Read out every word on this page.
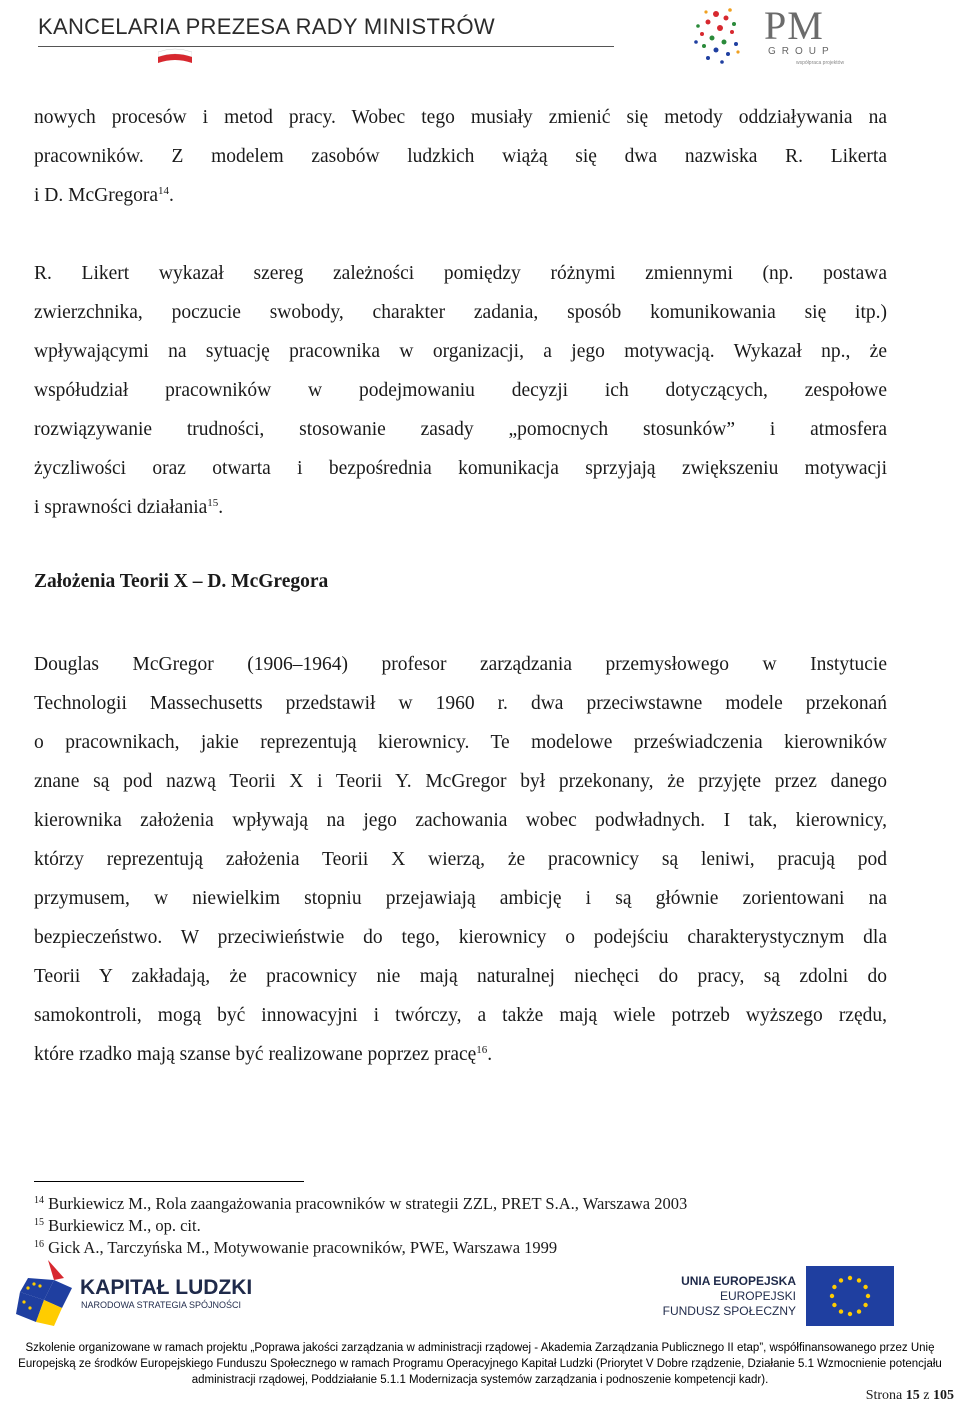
KANCELARIA PREZESA RADY MINISTRÓW	PM
GROUP
współpraca projektów
nowych procesów i metod pracy. Wobec tego musiały zmienić się metody oddziaływania na
pracowników. Z modelem zasobów ludzkich wiążą się dwa nazwiska R. Likerta
i D. McGregora$^{14}$.
R. Likert wykazał szereg zależności pomiędzy różnymi zmiennymi (np. postawa
zwierzchnika, poczucie swobody, charakter zadania, sposób komunikowania się itp.)
wpływającymi na sytuację pracownika w organizacji, a jego motywacją. Wykazał np., że
współudział pracowników w podejmowaniu decyzji ich dotyczących, zespołowe
rozwiązywanie trudności, stosowanie zasady „pomocnych stosunków” i atmosfera
życzliwości oraz otwarta i bezpośrednia komunikacja sprzyjają zwiększeniu motywacji
i sprawności działania$^{15}$.
Założenia Teorii X – D. McGregora
Douglas McGregor (1906–1964) profesor zarządzania przemysłowego w Instytucie
Technologii Massechusetts przedstawił w 1960 r. dwa przeciwstawne modele przekonań
o pracownikach, jakie reprezentują kierownicy. Te modelowe przeświadczenia kierowników
znane są pod nazwą Teorii X i Teorii Y. McGregor był przekonany, że przyjęte przez danego
kierownika założenia wpływają na jego zachowania wobec podwładnych. I tak, kierownicy,
którzy reprezentują założenia Teorii X wierzą, że pracownicy są leniwi, pracują pod
przymusem, w niewielkim stopniu przejawiają ambicję i są głównie zorientowani na
bezpieczeństwo. W przeciwieństwie do tego, kierownicy o podejściu charakterystycznym dla
Teorii Y zakładają, że pracownicy nie mają naturalnej niechęci do pracy, są zdolni do
samokontroli, mogą być innowacyjni i twórczy, a także mają wiele potrzeb wyższego rzędu,
które rzadko mają szanse być realizowane poprzez pracę$^{16}$.
$^{14}$ Burkiewicz M., Rola zaangażowania pracowników w strategii ZZL, PRET S.A., Warszawa 2003
$^{15}$ Burkiewicz M., op. cit.
$^{16}$ Gick A., Tarczyńska M., Motywowanie pracowników, PWE, Warszawa 1999
KAPITAŁ LUDZKI
NARODOWA STRATEGIA SPÓJNOŚCI
UNIA EUROPEJSKA
EUROPEJSKI
FUNDUSZ SPOŁECZNY
Szkolenie organizowane w ramach projektu „Poprawa jakości zarządzania w administracji rządowej - Akademia Zarządzania Publicznego II etap”, współfinansowanego przez Unię
Europejską ze środków Europejskiego Funduszu Społecznego w ramach Programu Operacyjnego Kapitał Ludzki (Priorytet V Dobre rządzenie, Działanie 5.1 Wzmocnienie potencjału
administracji rządowej, Poddziałanie 5.1.1 Modernizacja systemów zarządzania i podnoszenie kompetencji kadr).
Strona 15 z 105
